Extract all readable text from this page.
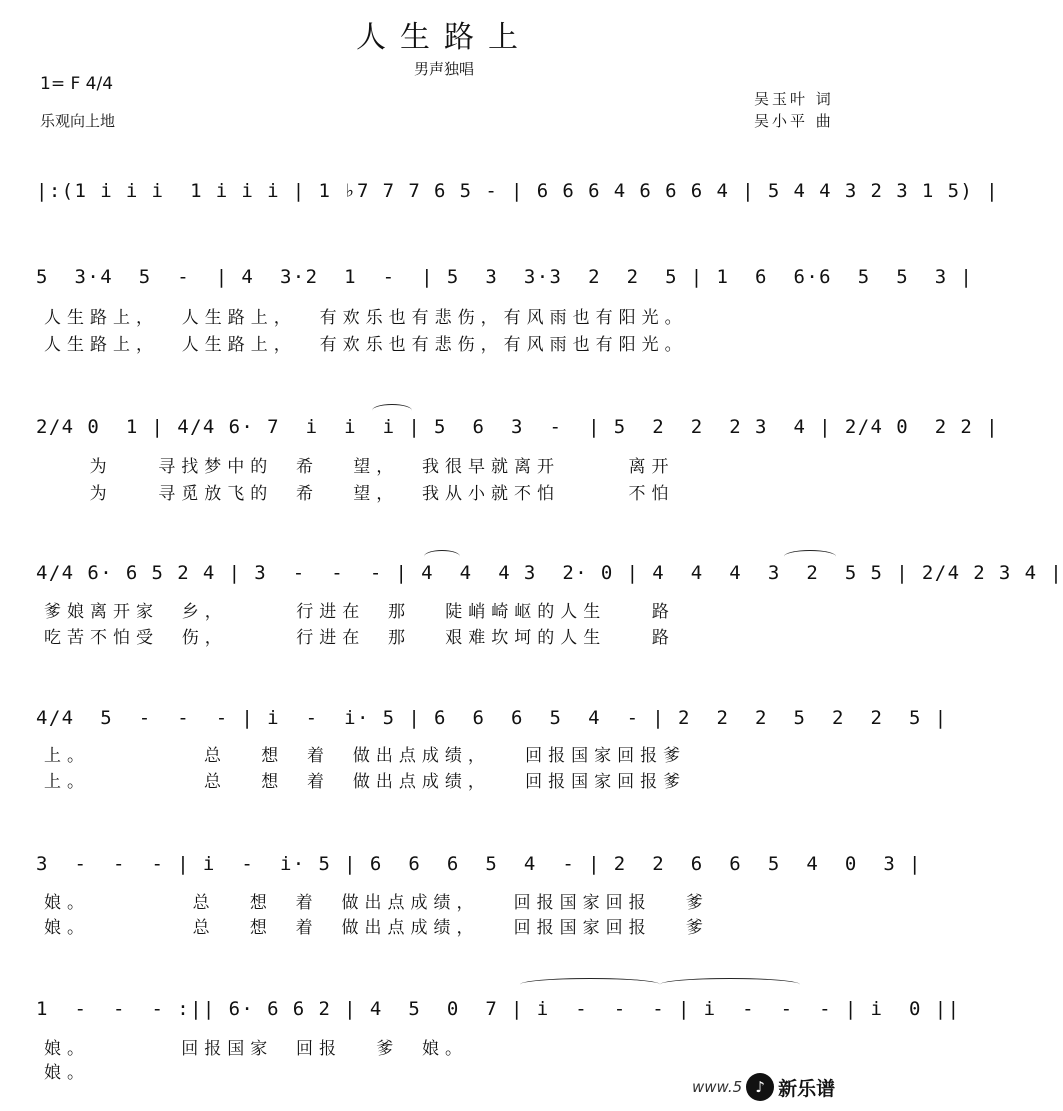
人生路上
男声独唱
1= F 4/4
乐观向上地
吴玉叶 词
吴小平 曲
|:(1 i i i  1 i i i | 1 ♭7 7 7 6 5 - | 6 6 6 4 6 6 6 4 | 5 4 4 3 2 3 1 5) |
5  3·4  5  -  | 4  3·2  1  -  | 5  3  3·3  2  2  5 | 1  6  6·6  5  5  3 |
人生路上，  人生路上，  有欢乐也有悲伤，有风雨也有阳光。
人生路上，  人生路上，  有欢乐也有悲伤，有风雨也有阳光。
2/4 0  1 | 4/4 6· 7  i  i  i | 5  6  3  -  | 5  2  2  2 3  4 | 2/4 0  2 2 |
为    寻找梦中的  希   望，  我很早就离开      离开
为    寻觅放飞的  希   望，  我从小就不怕      不怕
4/4 6· 6 5 2 4 | 3  -  -  - | 4  4  4 3  2· 0 | 4  4  4  3  2  5 5 | 2/4 2 3 4 |
爹娘离开家  乡，      行进在  那   陡峭崎岖的人生    路
吃苦不怕受  伤，      行进在  那   艰难坎坷的人生    路
4/4  5  -  -  - | i  -  i· 5 | 6  6  6  5  4  - | 2  2  2  5  2  2  5 |
上。          总   想  着  做出点成绩，   回报国家回报爹
上。          总   想  着  做出点成绩，   回报国家回报爹
3  -  -  - | i  -  i· 5 | 6  6  6  5  4  - | 2  2  6  6  5  4  0  3 |
娘。         总   想  着  做出点成绩，   回报国家回报   爹
娘。         总   想  着  做出点成绩，   回报国家回报   爹
1  -  -  - :|| 6· 6 6 2 | 4  5  0  7 | i  -  -  - | i  -  -  - | i  0 ||
娘。        回报国家  回报   爹  娘。
娘。
www.5 ♪ 新乐谱
